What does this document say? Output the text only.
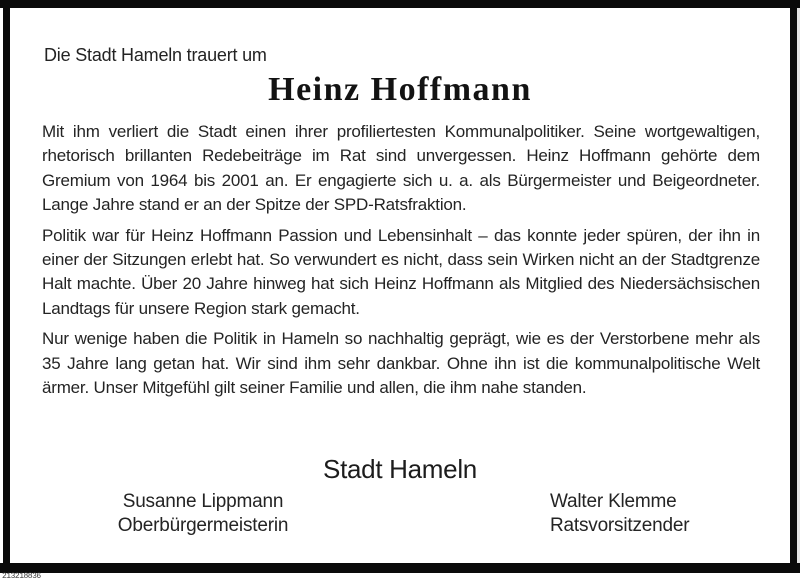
Die Stadt Hameln trauert um
Heinz Hoffmann

Mit ihm verliert die Stadt einen ihrer profiliertesten Kommunalpolitiker. Seine wortgewaltigen, rhetorisch brillanten Redebeiträge im Rat sind unvergessen. Heinz Hoffmann gehörte dem Gremium von 1964 bis 2001 an. Er engagierte sich u. a. als Bürgermeister und Beigeordneter. Lange Jahre stand er an der Spitze der SPD-Ratsfraktion.

Politik war für Heinz Hoffmann Passion und Lebensinhalt – das konnte jeder spüren, der ihn in einer der Sitzungen erlebt hat. So verwundert es nicht, dass sein Wirken nicht an der Stadtgrenze Halt machte. Über 20 Jahre hinweg hat sich Heinz Hoffmann als Mitglied des Niedersächsischen Landtags für unsere Region stark gemacht.

Nur wenige haben die Politik in Hameln so nachhaltig geprägt, wie es der Verstorbene mehr als 35 Jahre lang getan hat. Wir sind ihm sehr dankbar. Ohne ihn ist die kommunalpolitische Welt ärmer. Unser Mitgefühl gilt seiner Familie und allen, die ihm nahe standen.

Stadt Hameln
Susanne Lippmann
Oberbürgermeisterin
Walter Klemme
Ratsvorsitzender
213218836
